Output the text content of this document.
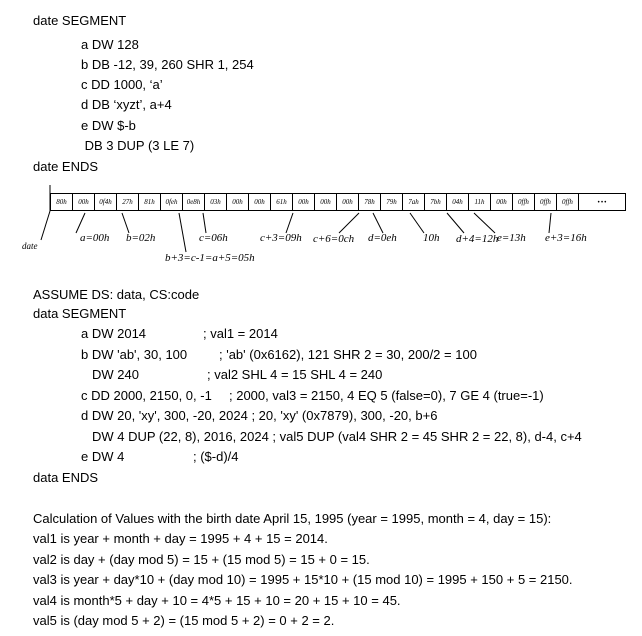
date SEGMENT
a DW 128
b DB -12, 39, 260 SHR 1, 254
c DD 1000, ‘a’
d DB ‘xyzt’, a+4
e DW $-b
DB 3 DUP (3 LE 7)
date ENDS
80h	00h	0f4h	27h	81h	0feh	0e8h	03h	00h	00h	61h	00h	00h	00h	78h	79h	7ah	7bh	04h	11h	00h	0ffh	0ffh	0ffh	···
date
a=00h b=02h	c=06h
b+3=c-1=a+5=05h
c+3=09h c+6=0ch d=0eh 10h d+4=12h
e=13h e+3=16h
ASSUME DS: data, CS:code
data SEGMENT
a DW 2014	; val1 = 2014
b DW 'ab', 30, 100 ; 'ab' (0x6162), 121 SHR 2 = 30, 200/2 = 100
DW 240	; val2 SHL 4 = 15 SHL 4 = 240
c DD 2000, 2150, 0, -1 ; 2000, val3 = 2150, 4 EQ 5 (false=0), 7 GE 4 (true=-1)
d DW 20, 'xy', 300, -20, 2024 ; 20, 'xy' (0x7879), 300, -20, b+6
DW 4 DUP (22, 8), 2016, 2024 ; val5 DUP (val4 SHR 2 = 45 SHR 2 = 22, 8), d-4, c+4
e DW 4	; ($-d)/4
data ENDS
Calculation of Values with the birth date April 15, 1995 (year = 1995, month = 4, day = 15):
val1 is year + month + day = 1995 + 4 + 15 = 2014.
val2 is day + (day mod 5) = 15 + (15 mod 5) = 15 + 0 = 15.
val3 is year + day*10 + (day mod 10) = 1995 + 15*10 + (15 mod 10) = 1995 + 150 + 5 = 2150.
val4 is month*5 + day + 10 = 4*5 + 15 + 10 = 20 + 15 + 10 = 45.
val5 is (day mod 5 + 2) = (15 mod 5 + 2) = 0 + 2 = 2.
